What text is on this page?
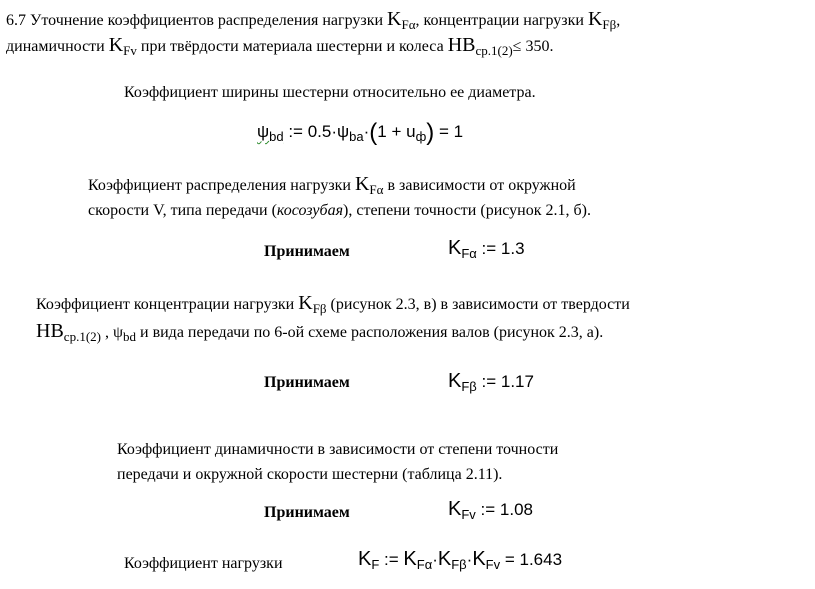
6.7 Уточнение коэффициентов распределения нагрузки $K_{F\alpha}$, концентрации нагрузки $K_{F\beta}$,
динамичности $K_{Fv}$ при твёрдости материала шестерни и колеса $HB_{ср.1(2)}\le 350$.
Коэффициент ширины шестерни относительно ее диаметра.
$\psi_{bd}$ := $0.5\cdot\psi_{ba}\cdot(1 + u_ф) = 1$
Коэффициент распределения нагрузки $K_{F\alpha}$ в зависимости от окружной
скорости V, типа передачи (косозубая), степени точности (рисунок 2.1, б).
Принимаем	$K_{F\alpha}$ := 1.3
Коэффициент концентрации нагрузки $K_{F\beta}$ (рисунок 2.3, в) в зависимости от твердости
$HB_{ср.1(2)}$ , $\psi_{bd}$ и вида передачи по 6-ой схеме расположения валов (рисунок 2.3, а).
Принимаем	$K_{F\beta}$ := 1.17
Коэффициент динамичности в зависимости от степени точности
передачи и окружной скорости шестерни (таблица 2.11).
Принимаем	$K_{Fv}$ := 1.08
Коэффициент нагрузки	$K_F$ := $K_{F\alpha}\cdot K_{F\beta}\cdot K_{Fv} = 1.643$
